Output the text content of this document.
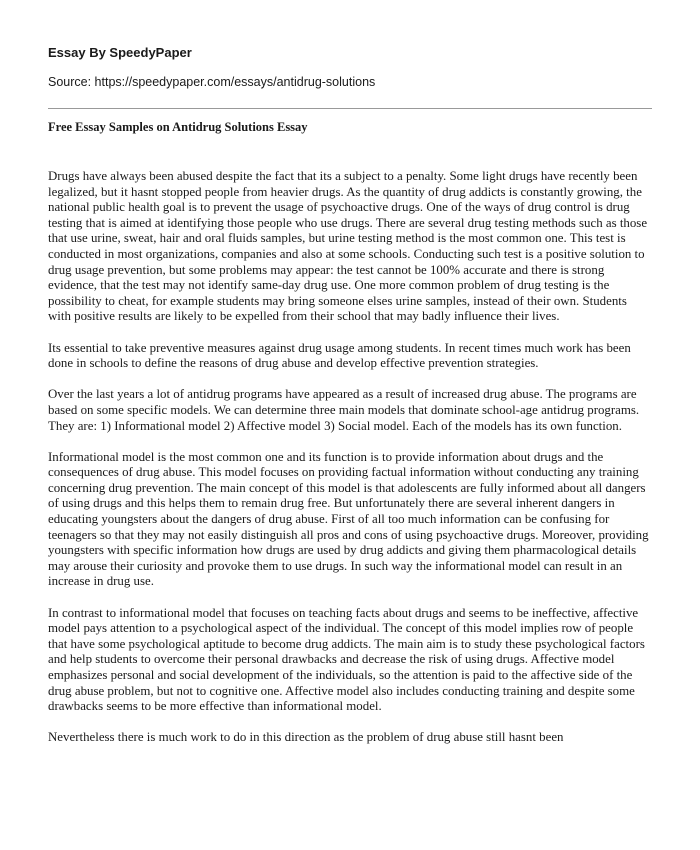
Essay By SpeedyPaper

Source: https://speedypaper.com/essays/antidrug-solutions

Free Essay Samples on Antidrug Solutions Essay

Drugs have always been abused despite the fact that its a subject to a penalty. Some light drugs have recently been legalized, but it hasnt stopped people from heavier drugs. As the quantity of drug addicts is constantly growing, the national public health goal is to prevent the usage of psychoactive drugs. One of the ways of drug control is drug testing that is aimed at identifying those people who use drugs. There are several drug testing methods such as those that use urine, sweat, hair and oral fluids samples, but urine testing method is the most common one. This test is conducted in most organizations, companies and also at some schools. Conducting such test is a positive solution to drug usage prevention, but some problems may appear: the test cannot be 100% accurate and there is strong evidence, that the test may not identify same-day drug use. One more common problem of drug testing is the possibility to cheat, for example students may bring someone elses urine samples, instead of their own. Students with positive results are likely to be expelled from their school that may badly influence their lives.

Its essential to take preventive measures against drug usage among students. In recent times much work has been done in schools to define the reasons of drug abuse and develop effective prevention strategies.

Over the last years a lot of antidrug programs have appeared as a result of increased drug abuse. The programs are based on some specific models. We can determine three main models that dominate school-age antidrug programs. They are: 1) Informational model 2) Affective model 3) Social model. Each of the models has its own function.

Informational model is the most common one and its function is to provide information about drugs and the consequences of drug abuse. This model focuses on providing factual information without conducting any training concerning drug prevention. The main concept of this model is that adolescents are fully informed about all dangers of using drugs and this helps them to remain drug free. But unfortunately there are several inherent dangers in educating youngsters about the dangers of drug abuse. First of all too much information can be confusing for teenagers so that they may not easily distinguish all pros and cons of using psychoactive drugs. Moreover, providing youngsters with specific information how drugs are used by drug addicts and giving them pharmacological details may arouse their curiosity and provoke them to use drugs. In such way the informational model can result in an increase in drug use.

In contrast to informational model that focuses on teaching facts about drugs and seems to be ineffective, affective model pays attention to a psychological aspect of the individual. The concept of this model implies row of people that have some psychological aptitude to become drug addicts. The main aim is to study these psychological factors and help students to overcome their personal drawbacks and decrease the risk of using drugs. Affective model emphasizes personal and social development of the individuals, so the attention is paid to the affective side of the drug abuse problem, but not to cognitive one. Affective model also includes conducting training and despite some drawbacks seems to be more effective than informational model.

Nevertheless there is much work to do in this direction as the problem of drug abuse still hasnt been
